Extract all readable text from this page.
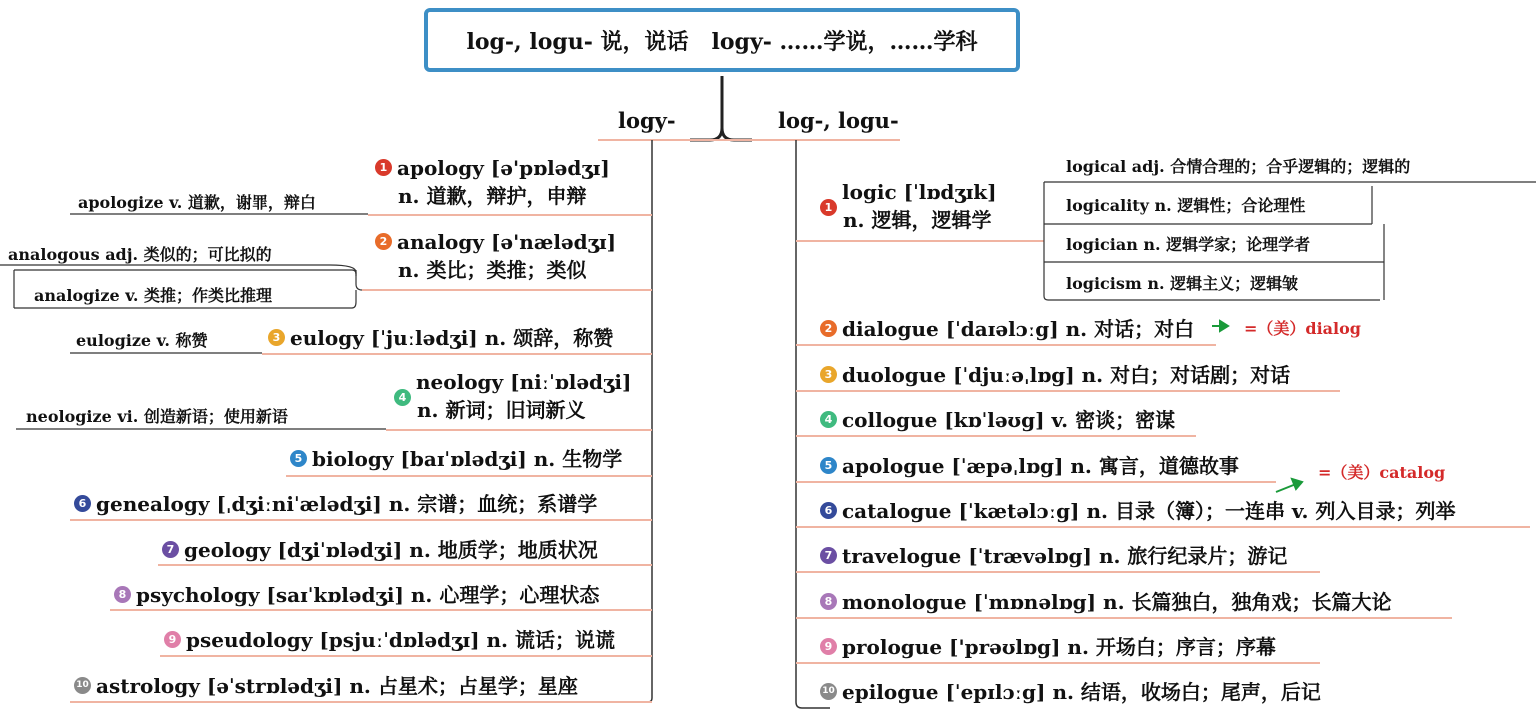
log-, logu- 说，说话   logy- ……学说，……学科
logy-	log-, logu-
1 apology [ə'pɒlədʒɪ]
n. 道歉，辩护，申辩
apologize v. 道歉，谢罪，辩白
2 analogy [ə'nælədʒɪ]
n. 类比；类推；类似
analogous adj. 类似的；可比拟的
analogize v. 类推；作类比推理
3 eulogy [ˈjuːlədʒi] n. 颂辞，称赞
eulogize v. 称赞
4neology [niːˈɒlədʒi]
n. 新词；旧词新义
neologize vi. 创造新语；使用新语
5 biology [baɪˈɒlədʒi] n. 生物学
6 genealogy [ˌdʒiːniˈælədʒi] n. 宗谱；血统；系谱学
7 geology [dʒiˈɒlədʒi] n. 地质学；地质状况
8 psychology [saɪˈkɒlədʒi] n. 心理学；心理状态
9 pseudology [psjuːˈdɒlədʒɪ] n. 谎话；说谎
10 astrology [əˈstrɒlədʒi] n. 占星术；占星学；星座
1logic [ˈlɒdʒɪk]
n. 逻辑，逻辑学
logical adj. 合情合理的；合乎逻辑的；逻辑的
logicality n. 逻辑性；合论理性
logician n. 逻辑学家；论理学者
logicism n. 逻辑主义；逻辑皱
2 dialogue [ˈdaɪəlɔːg] n. 对话；对白	=（美）dialog
3 duologue [ˈdjuːəˌlɒg] n. 对白；对话剧；对话
4 collogue [kɒˈləʊg] v. 密谈；密谋
5 apologue [ˈæpəˌlɒg] n. 寓言，道德故事	=（美）catalog
6 catalogue [ˈkætəlɔːg] n. 目录（簿）；一连串 v. 列入目录；列举
7 travelogue [ˈtrævəlɒg] n. 旅行纪录片；游记
8 monologue [ˈmɒnəlɒg] n. 长篇独白，独角戏；长篇大论
9 prologue ['prəʊlɒg] n. 开场白；序言；序幕
10 epilogue [ˈepɪlɔːg] n. 结语，收场白；尾声，后记
